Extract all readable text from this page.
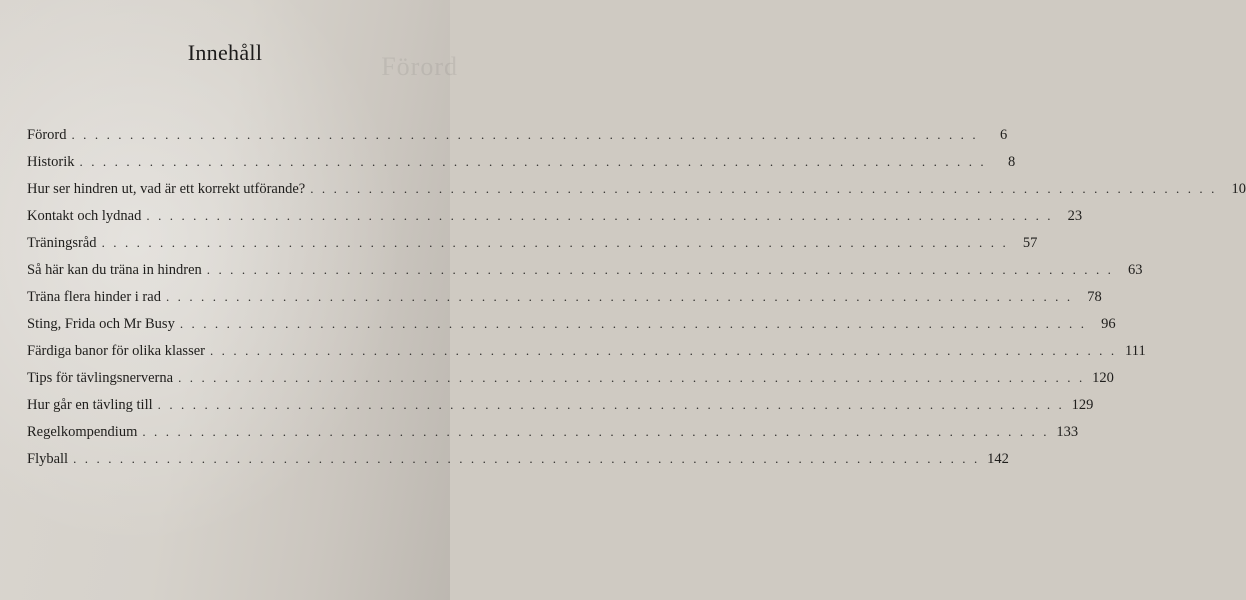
Förord
Innehåll
Förord . . .	6
Historik . . .	8
Hur ser hindren ut, vad är ett korrekt utförande? . . .	10
Kontakt och lydnad . . .	23
Träningsråd . . .	57
Så här kan du träna in hindren . . .	63
Träna flera hinder i rad . . .	78
Sting, Frida och Mr Busy . . .	96
Färdiga banor för olika klasser . . .	111
Tips för tävlingsnerverna . . .	120
Hur går en tävling till . . .	129
Regelkompendium . . .	133
Flyball . . .	142
